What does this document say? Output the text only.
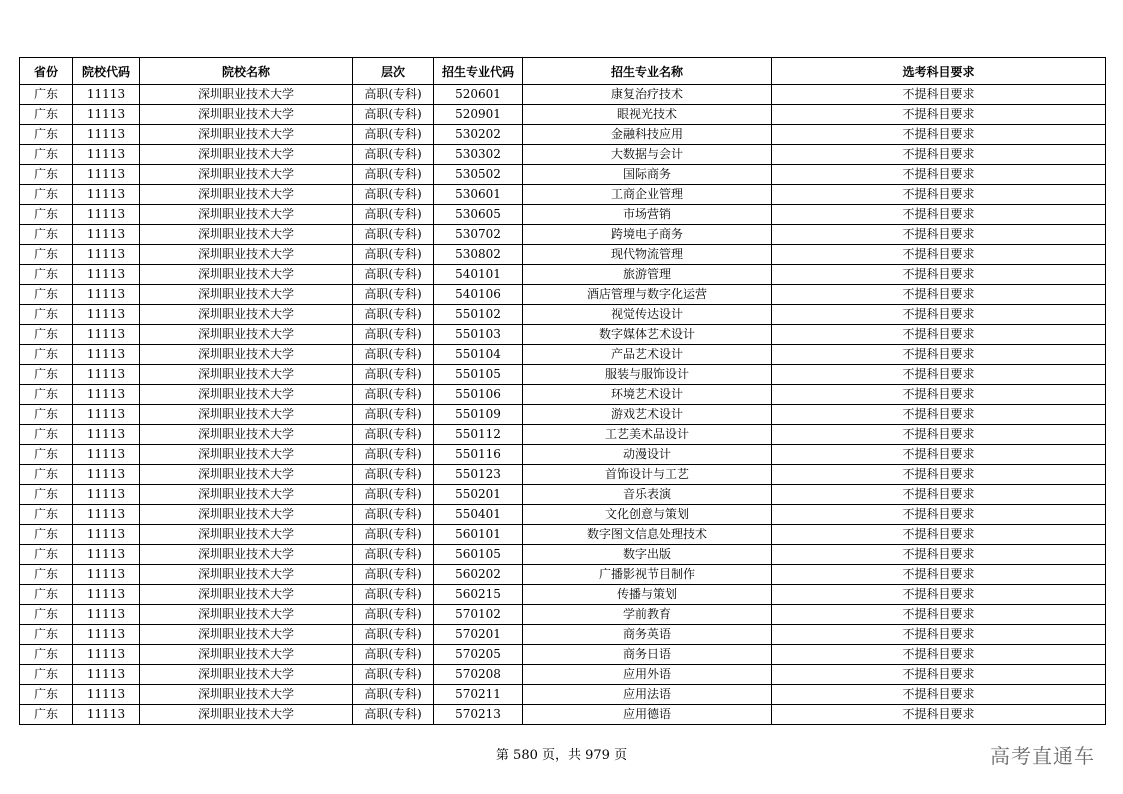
省份	院校代码	院校名称	层次	招生专业代码	招生专业名称	选考科目要求
广东	11113	深圳职业技术大学	高职(专科)	520601	康复治疗技术	不提科目要求
广东	11113	深圳职业技术大学	高职(专科)	520901	眼视光技术	不提科目要求
广东	11113	深圳职业技术大学	高职(专科)	530202	金融科技应用	不提科目要求
广东	11113	深圳职业技术大学	高职(专科)	530302	大数据与会计	不提科目要求
广东	11113	深圳职业技术大学	高职(专科)	530502	国际商务	不提科目要求
广东	11113	深圳职业技术大学	高职(专科)	530601	工商企业管理	不提科目要求
广东	11113	深圳职业技术大学	高职(专科)	530605	市场营销	不提科目要求
广东	11113	深圳职业技术大学	高职(专科)	530702	跨境电子商务	不提科目要求
广东	11113	深圳职业技术大学	高职(专科)	530802	现代物流管理	不提科目要求
广东	11113	深圳职业技术大学	高职(专科)	540101	旅游管理	不提科目要求
广东	11113	深圳职业技术大学	高职(专科)	540106	酒店管理与数字化运营	不提科目要求
广东	11113	深圳职业技术大学	高职(专科)	550102	视觉传达设计	不提科目要求
广东	11113	深圳职业技术大学	高职(专科)	550103	数字媒体艺术设计	不提科目要求
广东	11113	深圳职业技术大学	高职(专科)	550104	产品艺术设计	不提科目要求
广东	11113	深圳职业技术大学	高职(专科)	550105	服装与服饰设计	不提科目要求
广东	11113	深圳职业技术大学	高职(专科)	550106	环境艺术设计	不提科目要求
广东	11113	深圳职业技术大学	高职(专科)	550109	游戏艺术设计	不提科目要求
广东	11113	深圳职业技术大学	高职(专科)	550112	工艺美术品设计	不提科目要求
广东	11113	深圳职业技术大学	高职(专科)	550116	动漫设计	不提科目要求
广东	11113	深圳职业技术大学	高职(专科)	550123	首饰设计与工艺	不提科目要求
广东	11113	深圳职业技术大学	高职(专科)	550201	音乐表演	不提科目要求
广东	11113	深圳职业技术大学	高职(专科)	550401	文化创意与策划	不提科目要求
广东	11113	深圳职业技术大学	高职(专科)	560101	数字图文信息处理技术	不提科目要求
广东	11113	深圳职业技术大学	高职(专科)	560105	数字出版	不提科目要求
广东	11113	深圳职业技术大学	高职(专科)	560202	广播影视节目制作	不提科目要求
广东	11113	深圳职业技术大学	高职(专科)	560215	传播与策划	不提科目要求
广东	11113	深圳职业技术大学	高职(专科)	570102	学前教育	不提科目要求
广东	11113	深圳职业技术大学	高职(专科)	570201	商务英语	不提科目要求
广东	11113	深圳职业技术大学	高职(专科)	570205	商务日语	不提科目要求
广东	11113	深圳职业技术大学	高职(专科)	570208	应用外语	不提科目要求
广东	11113	深圳职业技术大学	高职(专科)	570211	应用法语	不提科目要求
广东	11113	深圳职业技术大学	高职(专科)	570213	应用德语	不提科目要求
第 580 页，共 979 页	高考直通车
